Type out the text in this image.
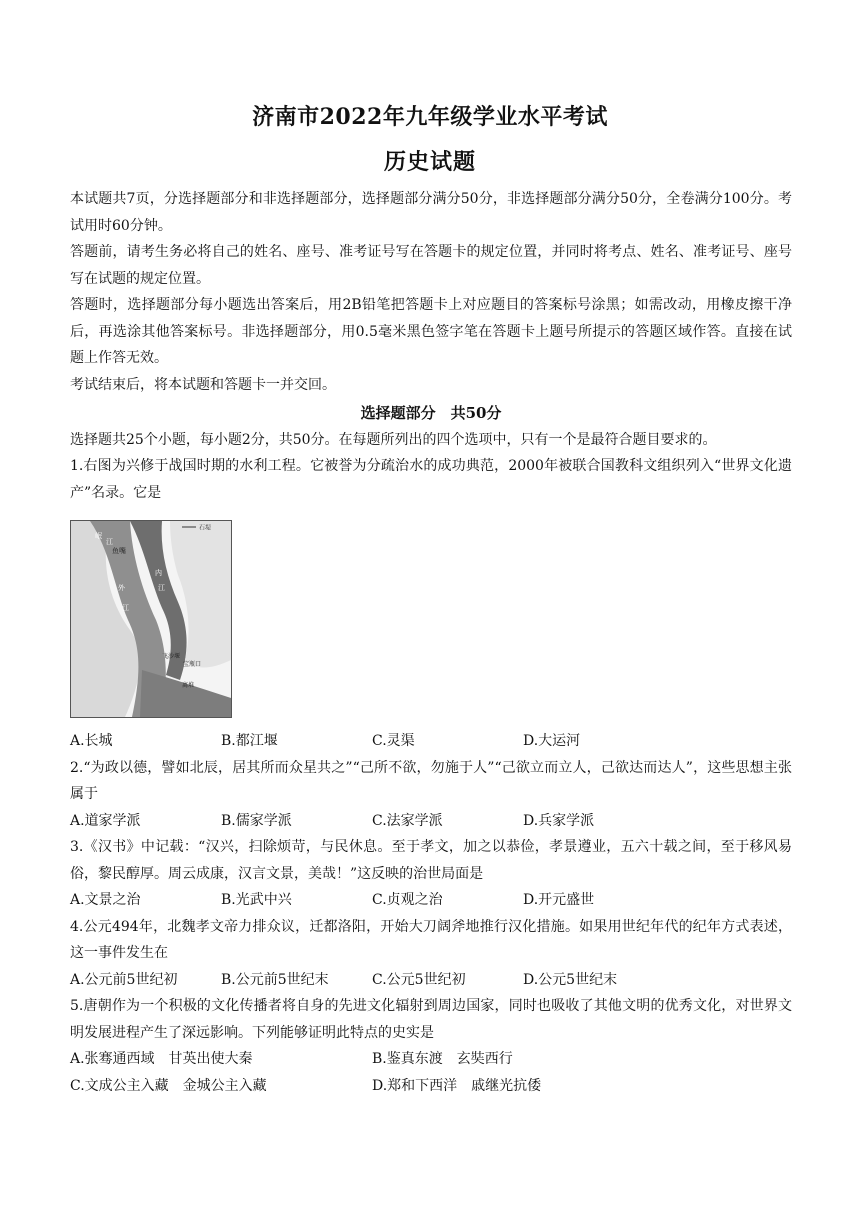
济南市2022年九年级学业水平考试
历史试题

本试题共7页，分选择题部分和非选择题部分，选择题部分满分50分，非选择题部分满分50分，全卷满分100分。考试用时60分钟。

答题前，请考生务必将自己的姓名、座号、准考证号写在答题卡的规定位置，并同时将考点、姓名、准考证号、座号写在试题的规定位置。

答题时，选择题部分每小题选出答案后，用2B铅笔把答题卡上对应题目的答案标号涂黑；如需改动，用橡皮擦干净后，再选涂其他答案标号。非选择题部分，用0.5毫米黑色签字笔在答题卡上题号所提示的答题区域作答。直接在试题上作答无效。

考试结束后，将本试题和答题卡一并交回。

选择题部分　共50分

选择题共25个小题，每小题2分，共50分。在每题所列出的四个选项中，只有一个是最符合题目要求的。

1.右图为兴修于战国时期的水利工程。它被誉为分疏治水的成功典范，2000年被联合国教科文组织列入“世界文化遗产”名录。它是

石堤
岷
江
鱼嘴
内
江
外
江
飞沙堰
宝瓶口
离堆
A.长城	B.都江堰	C.灵渠	D.大运河

2.“为政以德，譬如北辰，居其所而众星共之”“己所不欲，勿施于人”“己欲立而立人，己欲达而达人”，这些思想主张属于

A.道家学派	B.儒家学派	C.法家学派	D.兵家学派

3.《汉书》中记载：“汉兴，扫除烦苛，与民休息。至于孝文，加之以恭俭，孝景遵业，五六十载之间，至于移风易俗，黎民醇厚。周云成康，汉言文景，美哉！”这反映的治世局面是

A.文景之治	B.光武中兴	C.贞观之治	D.开元盛世

4.公元494年，北魏孝文帝力排众议，迁都洛阳，开始大刀阔斧地推行汉化措施。如果用世纪年代的纪年方式表述，这一事件发生在

A.公元前5世纪初	B.公元前5世纪末	C.公元5世纪初	D.公元5世纪末

5.唐朝作为一个积极的文化传播者将自身的先进文化辐射到周边国家，同时也吸收了其他文明的优秀文化，对世界文明发展进程产生了深远影响。下列能够证明此特点的史实是

A.张骞通西域　甘英出使大秦	B.鉴真东渡　玄奘西行
C.文成公主入藏　金城公主入藏	D.郑和下西洋　戚继光抗倭
